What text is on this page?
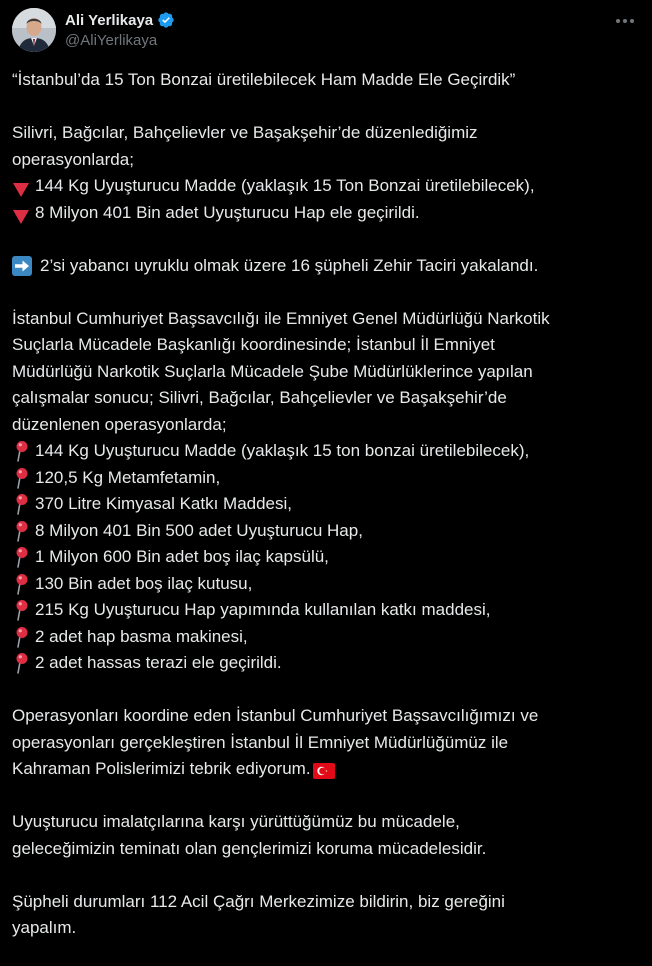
Ali Yerlikaya
@AliYerlikaya
“İstanbul’da 15 Ton Bonzai üretilebilecek Ham Madde Ele Geçirdik”
Silivri, Bağcılar, Bahçelievler ve Başakşehir’de düzenlediğimiz
operasyonlarda;
144 Kg Uyuşturucu Madde (yaklaşık 15 Ton Bonzai üretilebilecek),
8 Milyon 401 Bin adet Uyuşturucu Hap ele geçirildi.
2’si yabancı uyruklu olmak üzere 16 şüpheli Zehir Taciri yakalandı.
İstanbul Cumhuriyet Başsavcılığı ile Emniyet Genel Müdürlüğü Narkotik
Suçlarla Mücadele Başkanlığı koordinesinde; İstanbul İl Emniyet
Müdürlüğü Narkotik Suçlarla Mücadele Şube Müdürlüklerince yapılan
çalışmalar sonucu; Silivri, Bağcılar, Bahçelievler ve Başakşehir’de
düzenlenen operasyonlarda;
144 Kg Uyuşturucu Madde (yaklaşık 15 ton bonzai üretilebilecek),
120,5 Kg Metamfetamin,
370 Litre Kimyasal Katkı Maddesi,
8 Milyon 401 Bin 500 adet Uyuşturucu Hap,
1 Milyon 600 Bin adet boş ilaç kapsülü,
130 Bin adet boş ilaç kutusu,
215 Kg Uyuşturucu Hap yapımında kullanılan katkı maddesi,
2 adet hap basma makinesi,
2 adet hassas terazi ele geçirildi.
Operasyonları koordine eden İstanbul Cumhuriyet Başsavcılığımızı ve
operasyonları gerçekleştiren İstanbul İl Emniyet Müdürlüğümüz ile
Kahraman Polislerimizi tebrik ediyorum.
Uyuşturucu imalatçılarına karşı yürüttüğümüz bu mücadele,
geleceğimizin teminatı olan gençlerimizi koruma mücadelesidir.
Şüpheli durumları 112 Acil Çağrı Merkezimize bildirin, biz gereğini
yapalım.
